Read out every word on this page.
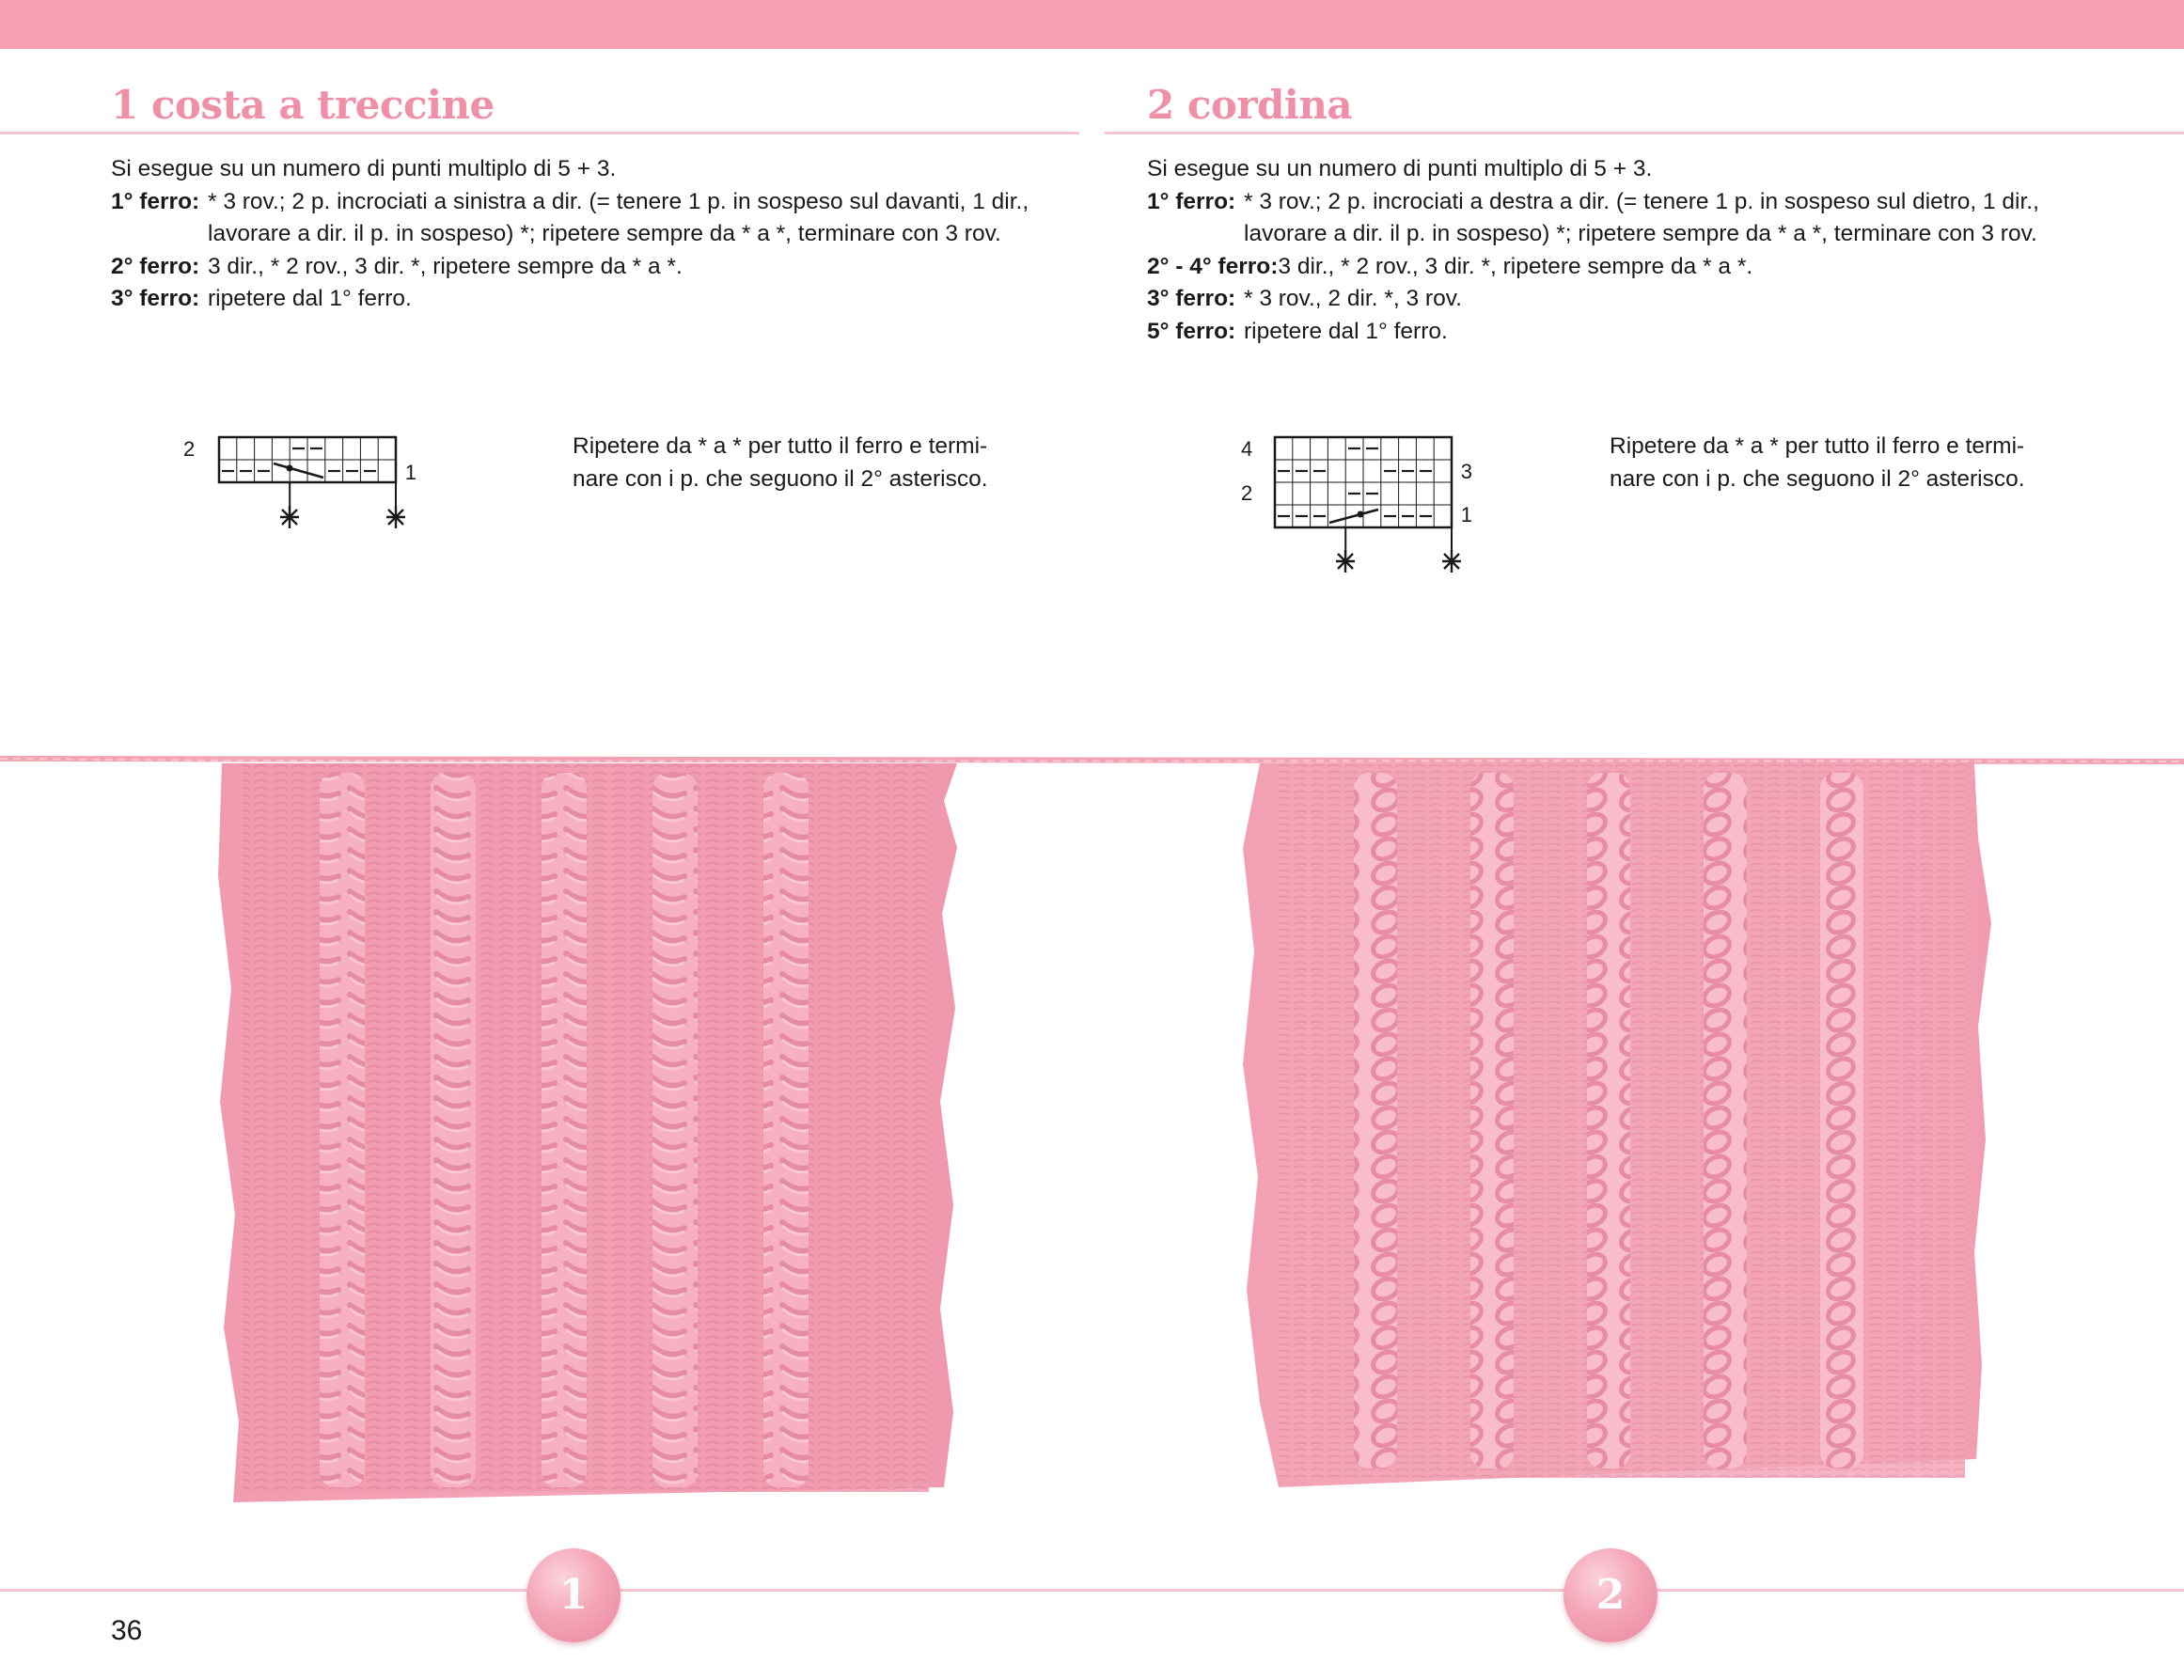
1 costa a treccine
Si esegue su un numero di punti multiplo di 5 + 3.
1° ferro: * 3 rov.; 2 p. incrociati a sinistra a dir. (= tenere 1 p. in sospeso sul davanti, 1 dir.,
lavorare a dir. il p. in sospeso) *; ripetere sempre da * a *, terminare con 3 rov.
2° ferro: 3 dir., * 2 rov., 3 dir. *, ripetere sempre da * a *.
3° ferro: ripetere dal 1° ferro.
2
1
Ripetere da * a * per tutto il ferro e termi-
nare con i p. che seguono il 2° asterisco.
2 cordina
Si esegue su un numero di punti multiplo di 5 + 3.
1° ferro: * 3 rov.; 2 p. incrociati a destra a dir. (= tenere 1 p. in sospeso sul dietro, 1 dir.,
lavorare a dir. il p. in sospeso) *; ripetere sempre da * a *, terminare con 3 rov.
2° - 4° ferro: 3 dir., * 2 rov., 3 dir. *, ripetere sempre da * a *.
3° ferro: * 3 rov., 2 dir. *, 3 rov.
5° ferro: ripetere dal 1° ferro.
4
2
3
1
Ripetere da * a * per tutto il ferro e termi-
nare con i p. che seguono il 2° asterisco.
1	2
36
